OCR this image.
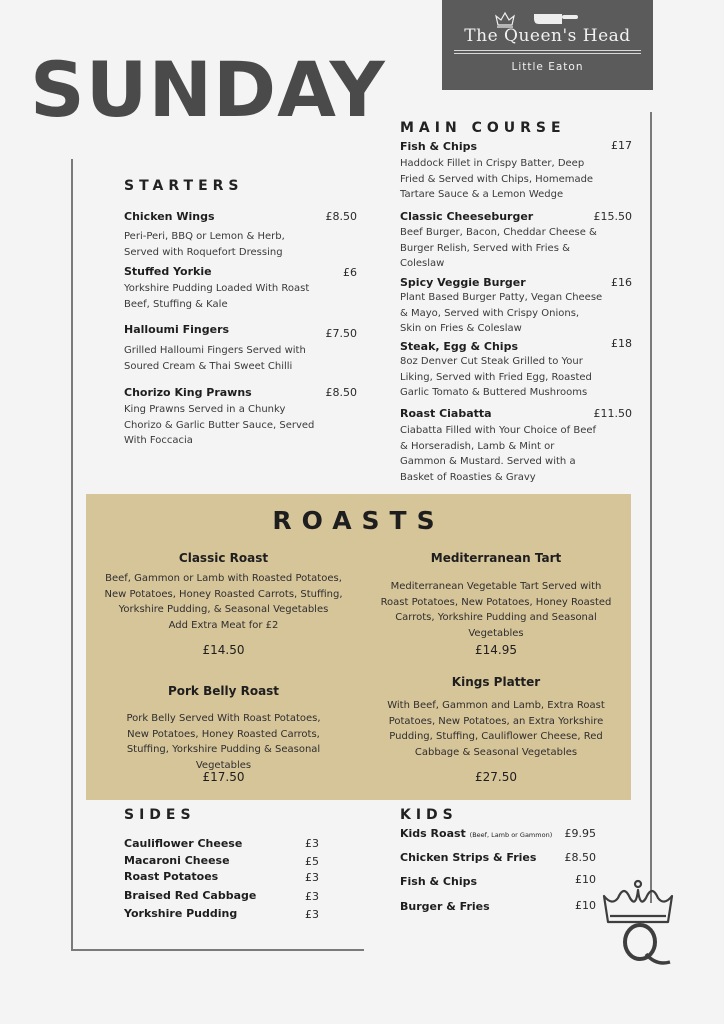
SUNDAY
The Queen's Head
Little Eaton
STARTERS
Chicken Wings	£8.50
Peri-Peri, BBQ or Lemon & Herb,
Served with Roquefort Dressing
Stuffed Yorkie	£6
Yorkshire Pudding Loaded With Roast
Beef, Stuffing & Kale
Halloumi Fingers	£7.50
Grilled Halloumi Fingers Served with
Soured Cream & Thai Sweet Chilli
Chorizo King Prawns	£8.50
King Prawns Served in a Chunky
Chorizo & Garlic Butter Sauce, Served
With Foccacia
MAIN COURSE
Fish & Chips	£17
Haddock Fillet in Crispy Batter, Deep
Fried & Served with Chips, Homemade
Tartare Sauce & a Lemon Wedge
Classic Cheeseburger	£15.50
Beef Burger, Bacon, Cheddar Cheese &
Burger Relish, Served with Fries &
Coleslaw
Spicy Veggie Burger	£16
Plant Based Burger Patty, Vegan Cheese
& Mayo, Served with Crispy Onions,
Skin on Fries & Coleslaw
Steak, Egg & Chips	£18
8oz Denver Cut Steak Grilled to Your
Liking, Served with Fried Egg, Roasted
Garlic Tomato & Buttered Mushrooms
Roast Ciabatta	£11.50
Ciabatta Filled with Your Choice of Beef
& Horseradish, Lamb & Mint or
Gammon & Mustard. Served with a
Basket of Roasties & Gravy
ROASTS
Classic Roast
Beef, Gammon or Lamb with Roasted Potatoes,
New Potatoes, Honey Roasted Carrots, Stuffing,
Yorkshire Pudding, & Seasonal Vegetables
Add Extra Meat for £2
£14.50
Mediterranean Tart
Mediterranean Vegetable Tart Served with
Roast Potatoes, New Potatoes, Honey Roasted
Carrots, Yorkshire Pudding and Seasonal
Vegetables
£14.95
Pork Belly Roast
Pork Belly Served With Roast Potatoes,
New Potatoes, Honey Roasted Carrots,
Stuffing, Yorkshire Pudding & Seasonal
Vegetables
£17.50
Kings Platter
With Beef, Gammon and Lamb, Extra Roast
Potatoes, New Potatoes, an Extra Yorkshire
Pudding, Stuffing, Cauliflower Cheese, Red
Cabbage & Seasonal Vegetables
£27.50
SIDES
Cauliflower Cheese	£3
Macaroni Cheese	£5
Roast Potatoes	£3
Braised Red Cabbage	£3
Yorkshire Pudding	£3
KIDS
Kids Roast (Beef, Lamb or Gammon)	£9.95
Chicken Strips & Fries	£8.50
Fish & Chips	£10
Burger & Fries	£10
